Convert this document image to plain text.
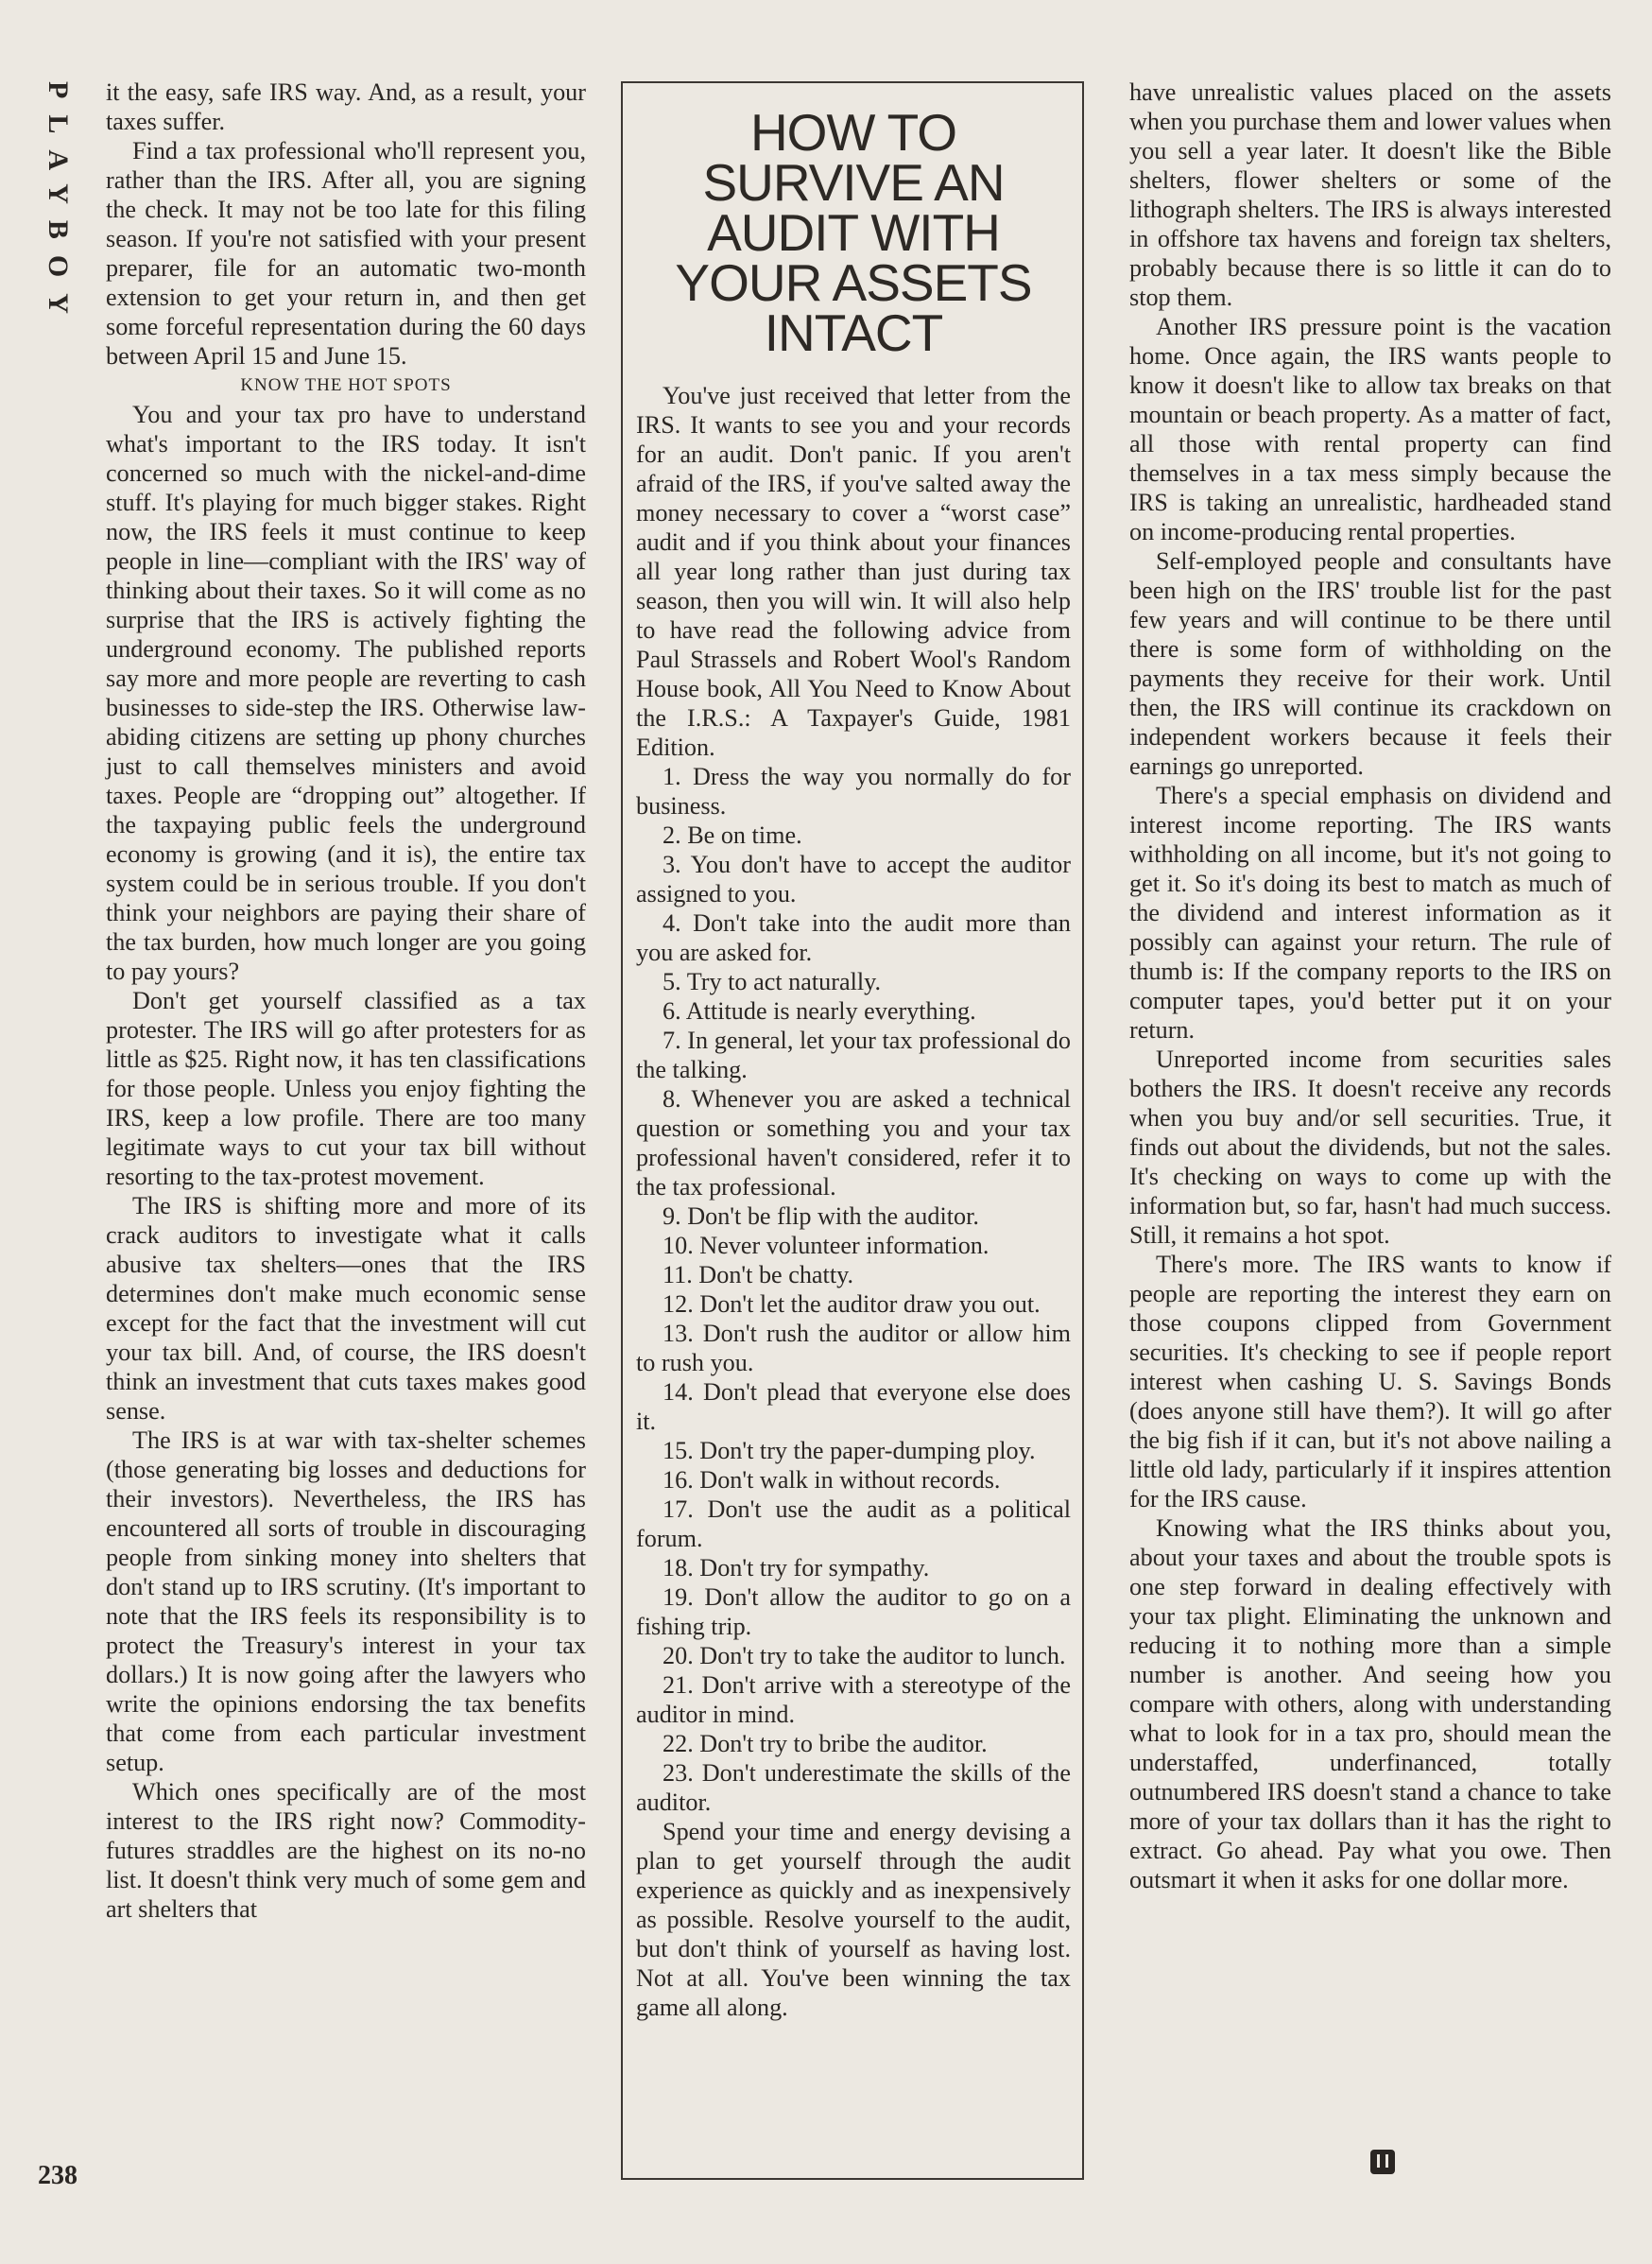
PLAYBOY it the easy, safe IRS way. And, as a result, your taxes suffer.

Find a tax professional who'll represent you, rather than the IRS. After all, you are signing the check. It may not be too late for this filing season. If you're not satisfied with your present preparer, file for an automatic two-month extension to get your return in, and then get some forceful representation during the 60 days between April 15 and June 15.

KNOW THE HOT SPOTS

You and your tax pro have to understand what's important to the IRS today. It isn't concerned so much with the nickel-and-dime stuff. It's playing for much bigger stakes. Right now, the IRS feels it must continue to keep people in line—compliant with the IRS' way of thinking about their taxes. So it will come as no surprise that the IRS is actively fighting the underground economy. The published reports say more and more people are reverting to cash businesses to side-step the IRS. Otherwise law-abiding citizens are setting up phony churches just to call themselves ministers and avoid taxes. People are “dropping out” altogether. If the taxpaying public feels the underground economy is growing (and it is), the entire tax system could be in serious trouble. If you don't think your neighbors are paying their share of the tax burden, how much longer are you going to pay yours?

Don't get yourself classified as a tax protester. The IRS will go after protesters for as little as $25. Right now, it has ten classifications for those people. Unless you enjoy fighting the IRS, keep a low profile. There are too many legitimate ways to cut your tax bill without resorting to the tax-protest movement.

The IRS is shifting more and more of its crack auditors to investigate what it calls abusive tax shelters—ones that the IRS determines don't make much economic sense except for the fact that the investment will cut your tax bill. And, of course, the IRS doesn't think an investment that cuts taxes makes good sense.

The IRS is at war with tax-shelter schemes (those generating big losses and deductions for their investors). Nevertheless, the IRS has encountered all sorts of trouble in discouraging people from sinking money into shelters that don't stand up to IRS scrutiny. (It's important to note that the IRS feels its responsibility is to protect the Treasury's interest in your tax dollars.) It is now going after the lawyers who write the opinions endorsing the tax benefits that come from each particular investment setup.

Which ones specifically are of the most interest to the IRS right now? Commodity-futures straddles are the highest on its no-no list. It doesn't think very much of some gem and art shelters that

HOW TO SURVIVE AN AUDIT WITH YOUR ASSETS INTACT

You've just received that letter from the IRS. It wants to see you and your records for an audit. Don't panic. If you aren't afraid of the IRS, if you've salted away the money necessary to cover a “worst case” audit and if you think about your finances all year long rather than just during tax season, then you will win. It will also help to have read the following advice from Paul Strassels and Robert Wool's Random House book, All You Need to Know About the I.R.S.: A Taxpayer's Guide, 1981 Edition.

1. Dress the way you normally do for business.
2. Be on time.
3. You don't have to accept the auditor assigned to you.
4. Don't take into the audit more than you are asked for.
5. Try to act naturally.
6. Attitude is nearly everything.
7. In general, let your tax professional do the talking.
8. Whenever you are asked a technical question or something you and your tax professional haven't considered, refer it to the tax professional.
9. Don't be flip with the auditor.
10. Never volunteer information.
11. Don't be chatty.
12. Don't let the auditor draw you out.
13. Don't rush the auditor or allow him to rush you.
14. Don't plead that everyone else does it.
15. Don't try the paper-dumping ploy.
16. Don't walk in without records.
17. Don't use the audit as a political forum.
18. Don't try for sympathy.
19. Don't allow the auditor to go on a fishing trip.
20. Don't try to take the auditor to lunch.
21. Don't arrive with a stereotype of the auditor in mind.
22. Don't try to bribe the auditor.
23. Don't underestimate the skills of the auditor.

Spend your time and energy devising a plan to get yourself through the audit experience as quickly and as inexpensively as possible. Resolve yourself to the audit, but don't think of yourself as having lost. Not at all. You've been winning the tax game all along.

have unrealistic values placed on the assets when you purchase them and lower values when you sell a year later. It doesn't like the Bible shelters, flower shelters or some of the lithograph shelters. The IRS is always interested in offshore tax havens and foreign tax shelters, probably because there is so little it can do to stop them.

Another IRS pressure point is the vacation home. Once again, the IRS wants people to know it doesn't like to allow tax breaks on that mountain or beach property. As a matter of fact, all those with rental property can find themselves in a tax mess simply because the IRS is taking an unrealistic, hardheaded stand on income-producing rental properties.

Self-employed people and consultants have been high on the IRS' trouble list for the past few years and will continue to be there until there is some form of withholding on the payments they receive for their work. Until then, the IRS will continue its crackdown on independent workers because it feels their earnings go unreported.

There's a special emphasis on dividend and interest income reporting. The IRS wants withholding on all income, but it's not going to get it. So it's doing its best to match as much of the dividend and interest information as it possibly can against your return. The rule of thumb is: If the company reports to the IRS on computer tapes, you'd better put it on your return.

Unreported income from securities sales bothers the IRS. It doesn't receive any records when you buy and/or sell securities. True, it finds out about the dividends, but not the sales. It's checking on ways to come up with the information but, so far, hasn't had much success. Still, it remains a hot spot.

There's more. The IRS wants to know if people are reporting the interest they earn on those coupons clipped from Government securities. It's checking to see if people report interest when cashing U. S. Savings Bonds (does anyone still have them?). It will go after the big fish if it can, but it's not above nailing a little old lady, particularly if it inspires attention for the IRS cause.

Knowing what the IRS thinks about you, about your taxes and about the trouble spots is one step forward in dealing effectively with your tax plight. Eliminating the unknown and reducing it to nothing more than a simple number is another. And seeing how you compare with others, along with understanding what to look for in a tax pro, should mean the understaffed, underfinanced, totally outnumbered IRS doesn't stand a chance to take more of your tax dollars than it has the right to extract. Go ahead. Pay what you owe. Then outsmart it when it asks for one dollar more.

238
